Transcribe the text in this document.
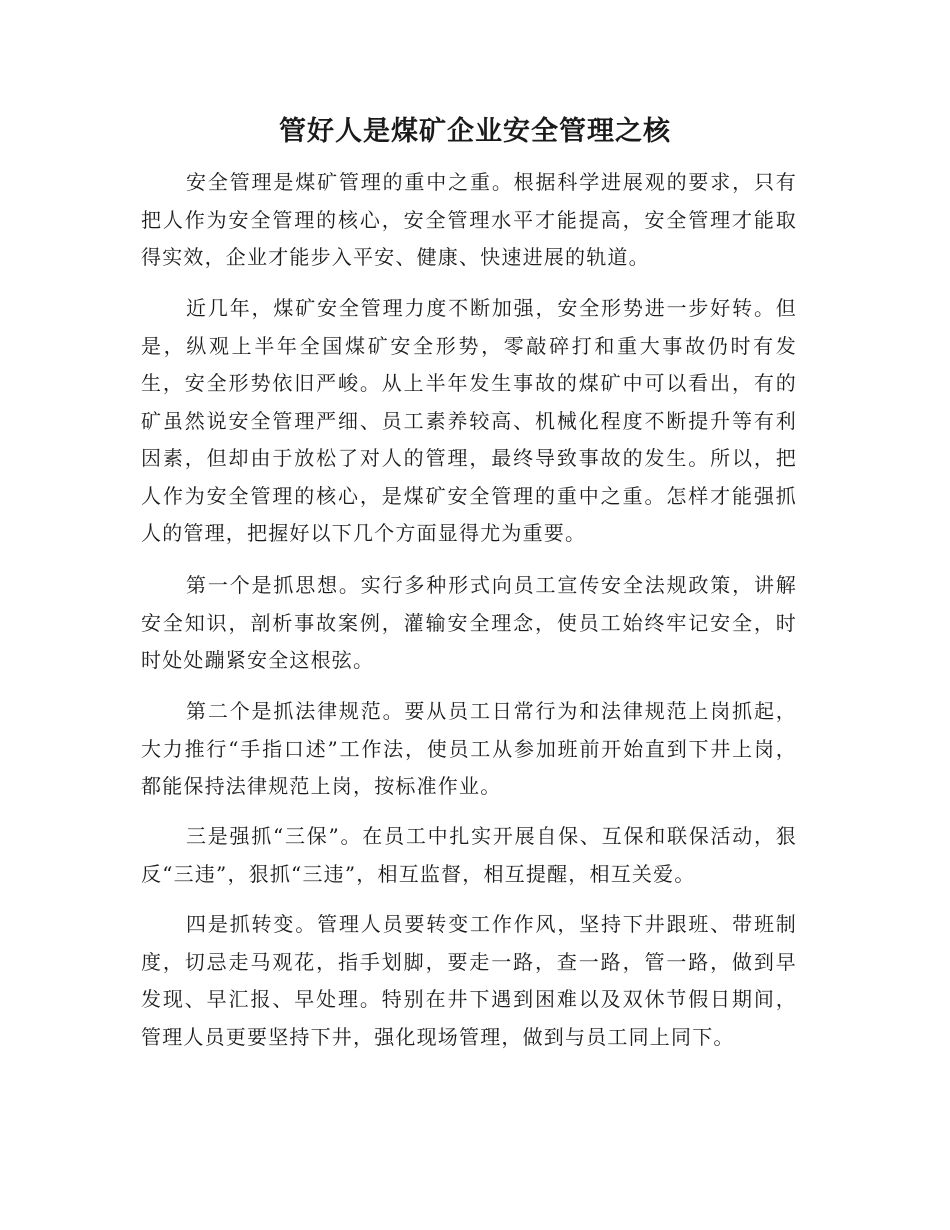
管好人是煤矿企业安全管理之核

安全管理是煤矿管理的重中之重。根据科学进展观的要求，只有把人作为安全管理的核心，安全管理水平才能提高，安全管理才能取得实效，企业才能步入平安、健康、快速进展的轨道。

近几年，煤矿安全管理力度不断加强，安全形势进一步好转。但是，纵观上半年全国煤矿安全形势，零敲碎打和重大事故仍时有发生，安全形势依旧严峻。从上半年发生事故的煤矿中可以看出，有的矿虽然说安全管理严细、员工素养较高、机械化程度不断提升等有利因素，但却由于放松了对人的管理，最终导致事故的发生。所以，把人作为安全管理的核心，是煤矿安全管理的重中之重。怎样才能强抓人的管理，把握好以下几个方面显得尤为重要。

第一个是抓思想。实行多种形式向员工宣传安全法规政策，讲解安全知识，剖析事故案例，灌输安全理念，使员工始终牢记安全，时时处处蹦紧安全这根弦。

第二个是抓法律规范。要从员工日常行为和法律规范上岗抓起，大力推行“手指口述”工作法，使员工从参加班前开始直到下井上岗，都能保持法律规范上岗，按标准作业。

三是强抓“三保”。在员工中扎实开展自保、互保和联保活动，狠反“三违”，狠抓“三违”，相互监督，相互提醒，相互关爱。

四是抓转变。管理人员要转变工作作风，坚持下井跟班、带班制度，切忌走马观花，指手划脚，要走一路，查一路，管一路，做到早发现、早汇报、早处理。特别在井下遇到困难以及双休节假日期间，管理人员更要坚持下井，强化现场管理，做到与员工同上同下。
